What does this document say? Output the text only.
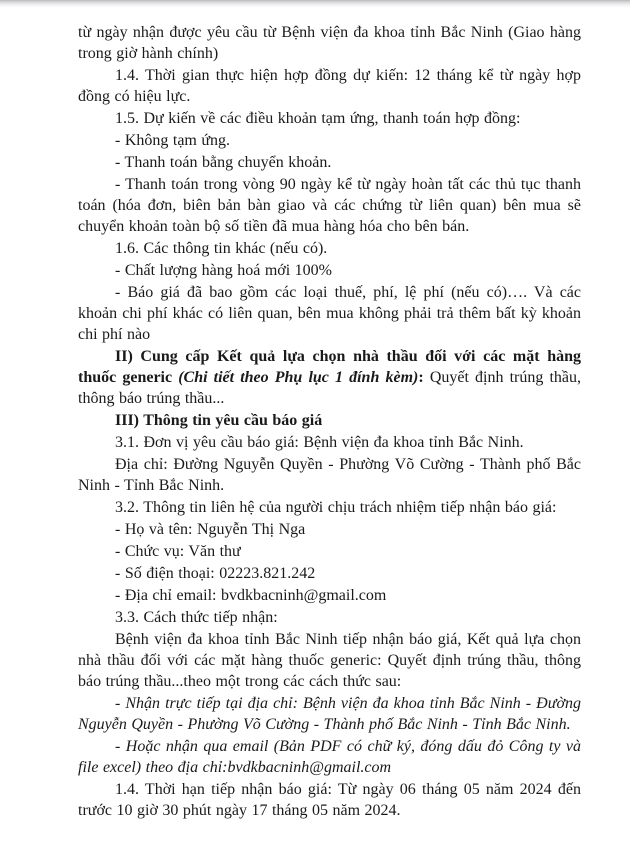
từ ngày nhận được yêu cầu từ Bệnh viện đa khoa tỉnh Bắc Ninh (Giao hàng trong giờ hành chính)

1.4. Thời gian thực hiện hợp đồng dự kiến: 12 tháng kể từ ngày hợp đồng có hiệu lực.

1.5. Dự kiến về các điều khoản tạm ứng, thanh toán hợp đồng:

- Không tạm ứng.

- Thanh toán bằng chuyển khoản.

- Thanh toán trong vòng 90 ngày kể từ ngày hoàn tất các thủ tục thanh toán (hóa đơn, biên bản bàn giao và các chứng từ liên quan) bên mua sẽ chuyển khoản toàn bộ số tiền đã mua hàng hóa cho bên bán.

1.6. Các thông tin khác (nếu có).

- Chất lượng hàng hoá mới 100%

- Báo giá đã bao gồm các loại thuế, phí, lệ phí (nếu có)…. Và các khoản chi phí khác có liên quan, bên mua không phải trả thêm bất kỳ khoản chi phí nào

II) Cung cấp Kết quả lựa chọn nhà thầu đối với các mặt hàng thuốc generic (Chi tiết theo Phụ lục 1 đính kèm): Quyết định trúng thầu, thông báo trúng thầu...

III) Thông tin yêu cầu báo giá

3.1. Đơn vị yêu cầu báo giá: Bệnh viện đa khoa tỉnh Bắc Ninh.

Địa chỉ: Đường Nguyễn Quyền - Phường Võ Cường - Thành phố Bắc Ninh - Tỉnh Bắc Ninh.

3.2. Thông tin liên hệ của người chịu trách nhiệm tiếp nhận báo giá:

- Họ và tên: Nguyễn Thị Nga

- Chức vụ: Văn thư

- Số điện thoại: 02223.821.242

- Địa chỉ email: bvdkbacninh@gmail.com

3.3. Cách thức tiếp nhận:

Bệnh viện đa khoa tỉnh Bắc Ninh tiếp nhận báo giá, Kết quả lựa chọn nhà thầu đối với các mặt hàng thuốc generic: Quyết định trúng thầu, thông báo trúng thầu...theo một trong các cách thức sau:

- Nhận trực tiếp tại địa chỉ: Bệnh viện đa khoa tỉnh Bắc Ninh - Đường Nguyễn Quyền - Phường Võ Cường - Thành phố Bắc Ninh - Tỉnh Bắc Ninh.

- Hoặc nhận qua email (Bản PDF có chữ ký, đóng dấu đỏ Công ty và file excel) theo địa chỉ:bvdkbacninh@gmail.com

1.4. Thời hạn tiếp nhận báo giá: Từ ngày 06 tháng 05 năm 2024 đến trước 10 giờ 30 phút ngày 17 tháng 05 năm 2024.
